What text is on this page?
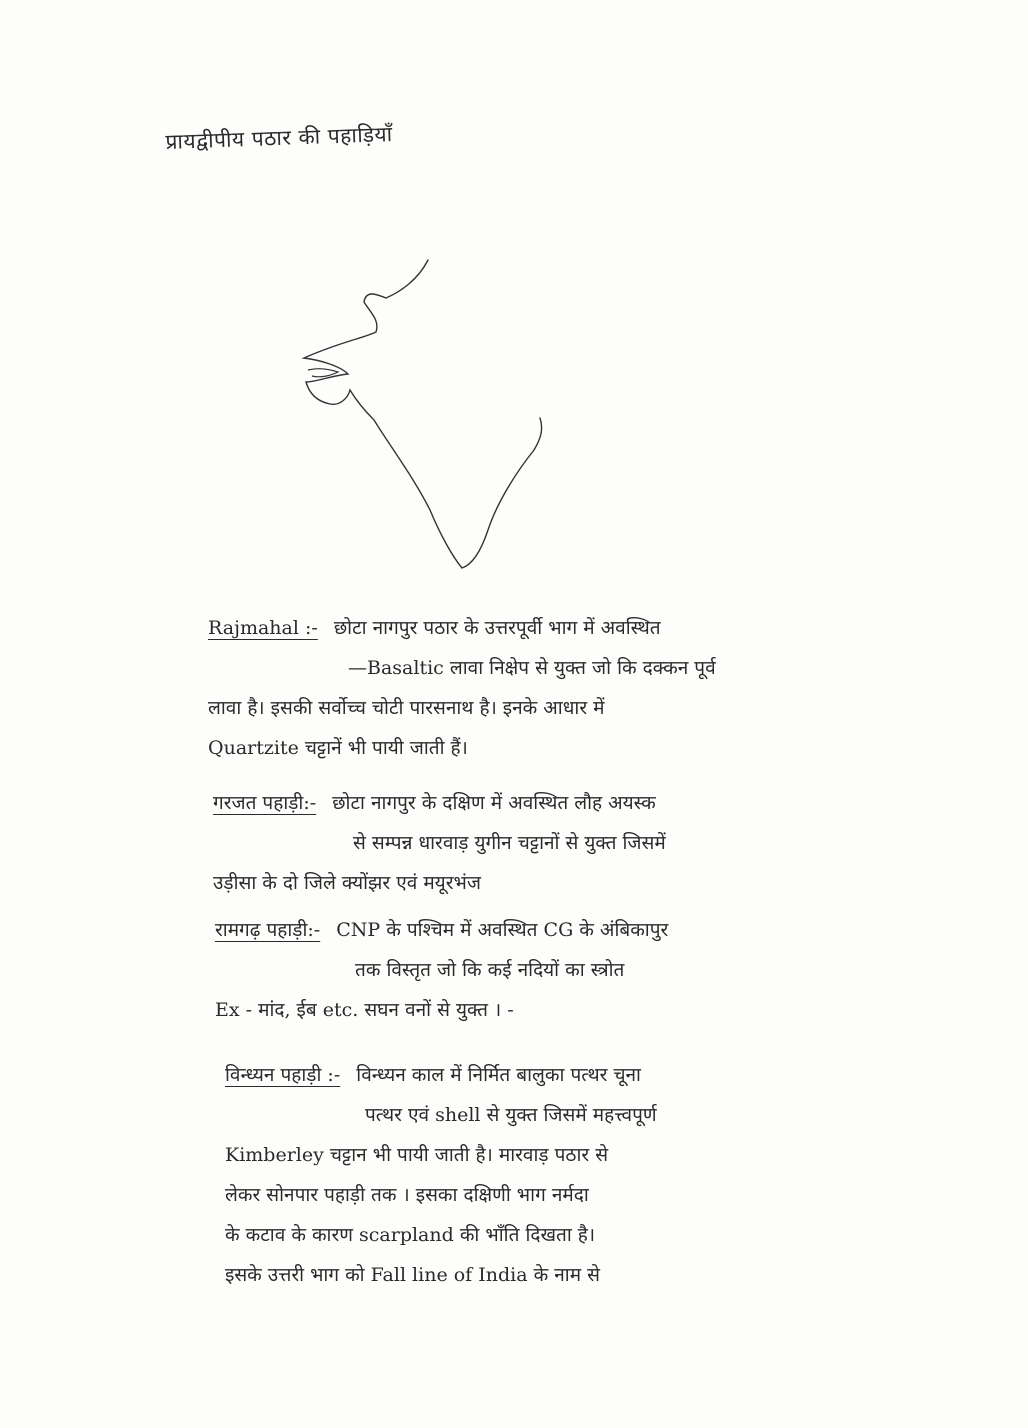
प्रायद्वीपीय पठार की पहाड़ियाँ
Rajmahal :- छोटा नागपुर पठार के उत्तरपूर्वी भाग में अवस्थित
—Basaltic लावा निक्षेप से युक्त जो कि दक्कन पूर्व
लावा है। इसकी सर्वोच्च चोटी पारसनाथ है। इनके आधार में
Quartzite चट्टानें भी पायी जाती हैं।
गरजत पहाड़ी:- छोटा नागपुर के दक्षिण में अवस्थित लौह अयस्क
से सम्पन्न धारवाड़ युगीन चट्टानों से युक्त जिसमें
उड़ीसा के दो जिले क्योंझर एवं मयूरभंज
रामगढ़ पहाड़ी:- CNP के पश्चिम में अवस्थित CG के अंबिकापुर
तक विस्तृत जो कि कई नदियों का स्त्रोत
Ex - मांद, ईब etc. सघन वनों से युक्त । -
विन्ध्यन पहाड़ी :- विन्ध्यन काल में निर्मित बालुका पत्थर चूना
पत्थर एवं shell से युक्त जिसमें महत्त्वपूर्ण
Kimberley चट्टान भी पायी जाती है। मारवाड़ पठार से
लेकर सोनपार पहाड़ी तक । इसका दक्षिणी भाग नर्मदा
के कटाव के कारण scarpland की भाँति दिखता है।
इसके उत्तरी भाग को Fall line of India के नाम से
